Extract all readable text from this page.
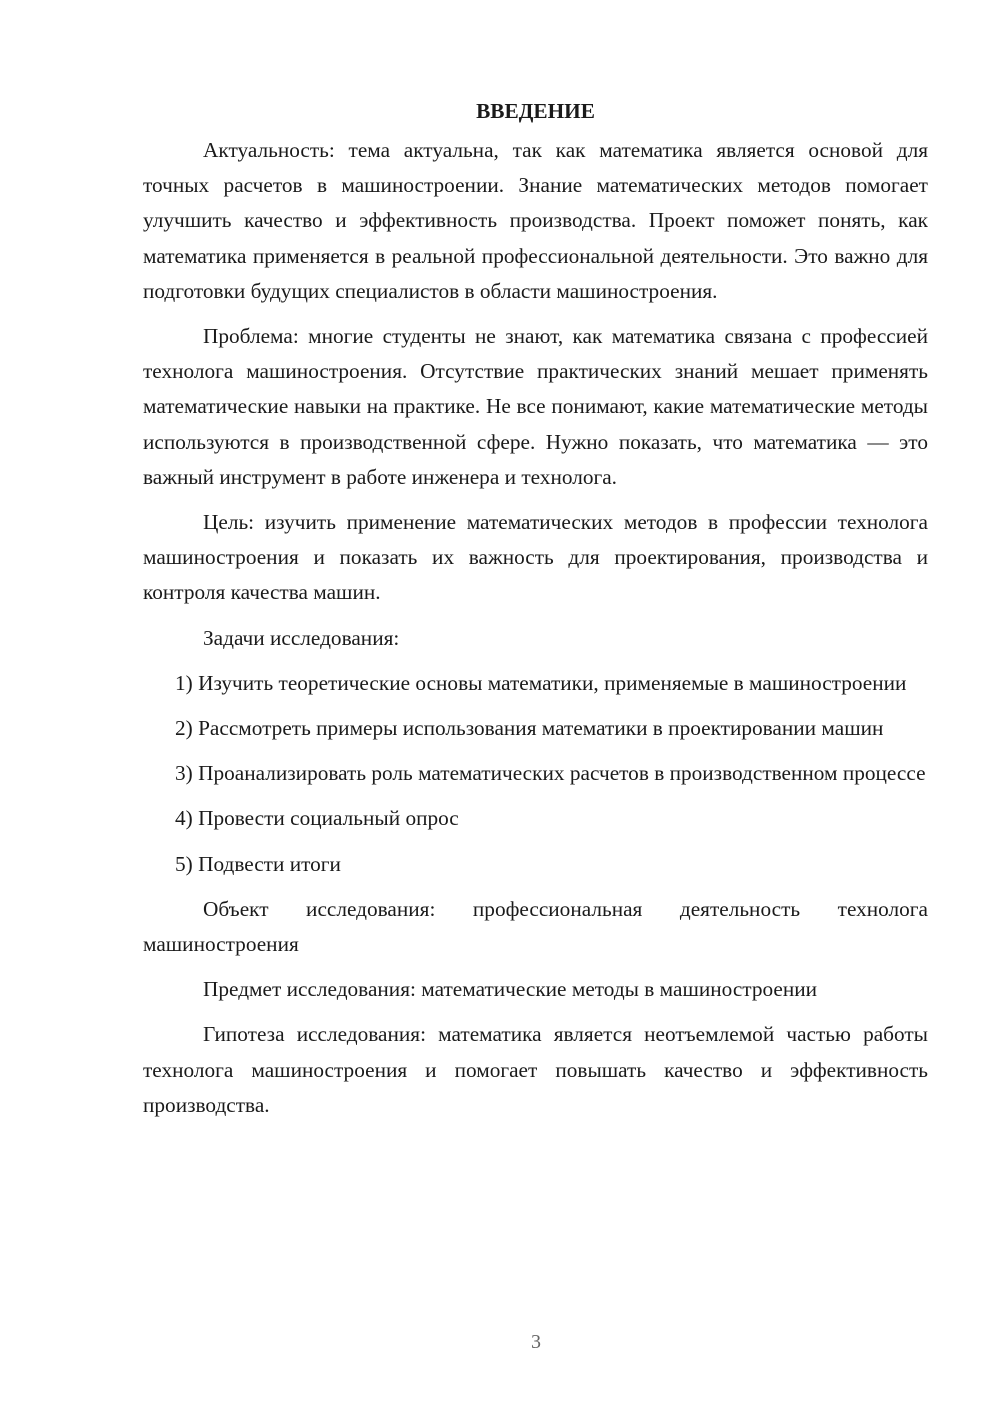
ВВЕДЕНИЕ

Актуальность: тема актуальна, так как математика является основой для точных расчетов в машиностроении. Знание математических методов помогает улучшить качество и эффективность производства. Проект поможет понять, как математика применяется в реальной профессиональной деятельности. Это важно для подготовки будущих специалистов в области машиностроения.

Проблема: многие студенты не знают, как математика связана с профессией технолога машиностроения. Отсутствие практических знаний мешает применять математические навыки на практике. Не все понимают, какие математические методы используются в производственной сфере. Нужно показать, что математика — это важный инструмент в работе инженера и технолога.

Цель: изучить применение математических методов в профессии технолога машиностроения и показать их важность для проектирования, производства и контроля качества машин.

Задачи исследования:

1) Изучить теоретические основы математики, применяемые в машиностроении

2) Рассмотреть примеры использования математики в проектировании машин

3) Проанализировать роль математических расчетов в производственном процессе

4) Провести социальный опрос

5) Подвести итоги

Объект исследования: профессиональная деятельность технолога машиностроения

Предмет исследования: математические методы в машиностроении

Гипотеза исследования: математика является неотъемлемой частью работы технолога машиностроения и помогает повышать качество и эффективность производства.

3
